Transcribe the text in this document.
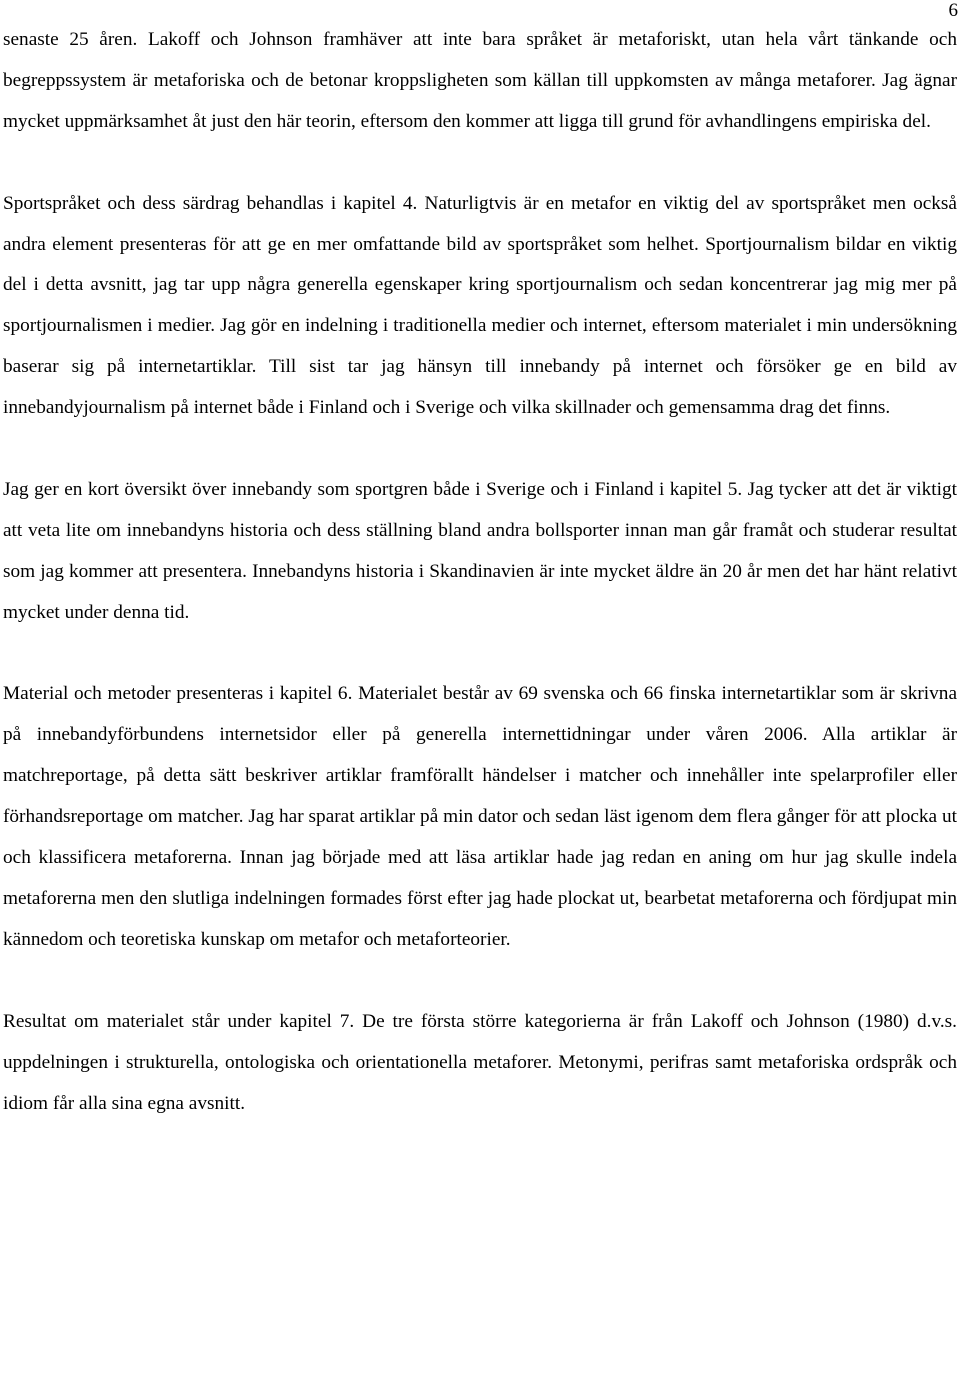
6

senaste 25 åren. Lakoff och Johnson framhäver att inte bara språket är metaforiskt, utan hela vårt tänkande och begreppssystem är metaforiska och de betonar kroppsligheten som källan till uppkomsten av många metaforer. Jag ägnar mycket uppmärksamhet åt just den här teorin, eftersom den kommer att ligga till grund för avhandlingens empiriska del.

Sportspråket och dess särdrag behandlas i kapitel 4. Naturligtvis är en metafor en viktig del av sportspråket men också andra element presenteras för att ge en mer omfattande bild av sportspråket som helhet. Sportjournalism bildar en viktig del i detta avsnitt, jag tar upp några generella egenskaper kring sportjournalism och sedan koncentrerar jag mig mer på sportjournalismen i medier. Jag gör en indelning i traditionella medier och internet, eftersom materialet i min undersökning baserar sig på internetartiklar. Till sist tar jag hänsyn till innebandy på internet och försöker ge en bild av innebandyjournalism på internet både i Finland och i Sverige och vilka skillnader och gemensamma drag det finns.

Jag ger en kort översikt över innebandy som sportgren både i Sverige och i Finland i kapitel 5. Jag tycker att det är viktigt att veta lite om innebandyns historia och dess ställning bland andra bollsporter innan man går framåt och studerar resultat som jag kommer att presentera. Innebandyns historia i Skandinavien är inte mycket äldre än 20 år men det har hänt relativt mycket under denna tid.

Material och metoder presenteras i kapitel 6. Materialet består av 69 svenska och 66 finska internetartiklar som är skrivna på innebandyförbundens internetsidor eller på generella internettidningar under våren 2006. Alla artiklar är matchreportage, på detta sätt beskriver artiklar framförallt händelser i matcher och innehåller inte spelarprofiler eller förhandsreportage om matcher. Jag har sparat artiklar på min dator och sedan läst igenom dem flera gånger för att plocka ut och klassificera metaforerna. Innan jag började med att läsa artiklar hade jag redan en aning om hur jag skulle indela metaforerna men den slutliga indelningen formades först efter jag hade plockat ut, bearbetat metaforerna och fördjupat min kännedom och teoretiska kunskap om metafor och metaforteorier.

Resultat om materialet står under kapitel 7. De tre första större kategorierna är från Lakoff och Johnson (1980) d.v.s. uppdelningen i strukturella, ontologiska och orientationella metaforer. Metonymi, perifras samt metaforiska ordspråk och idiom får alla sina egna avsnitt.
